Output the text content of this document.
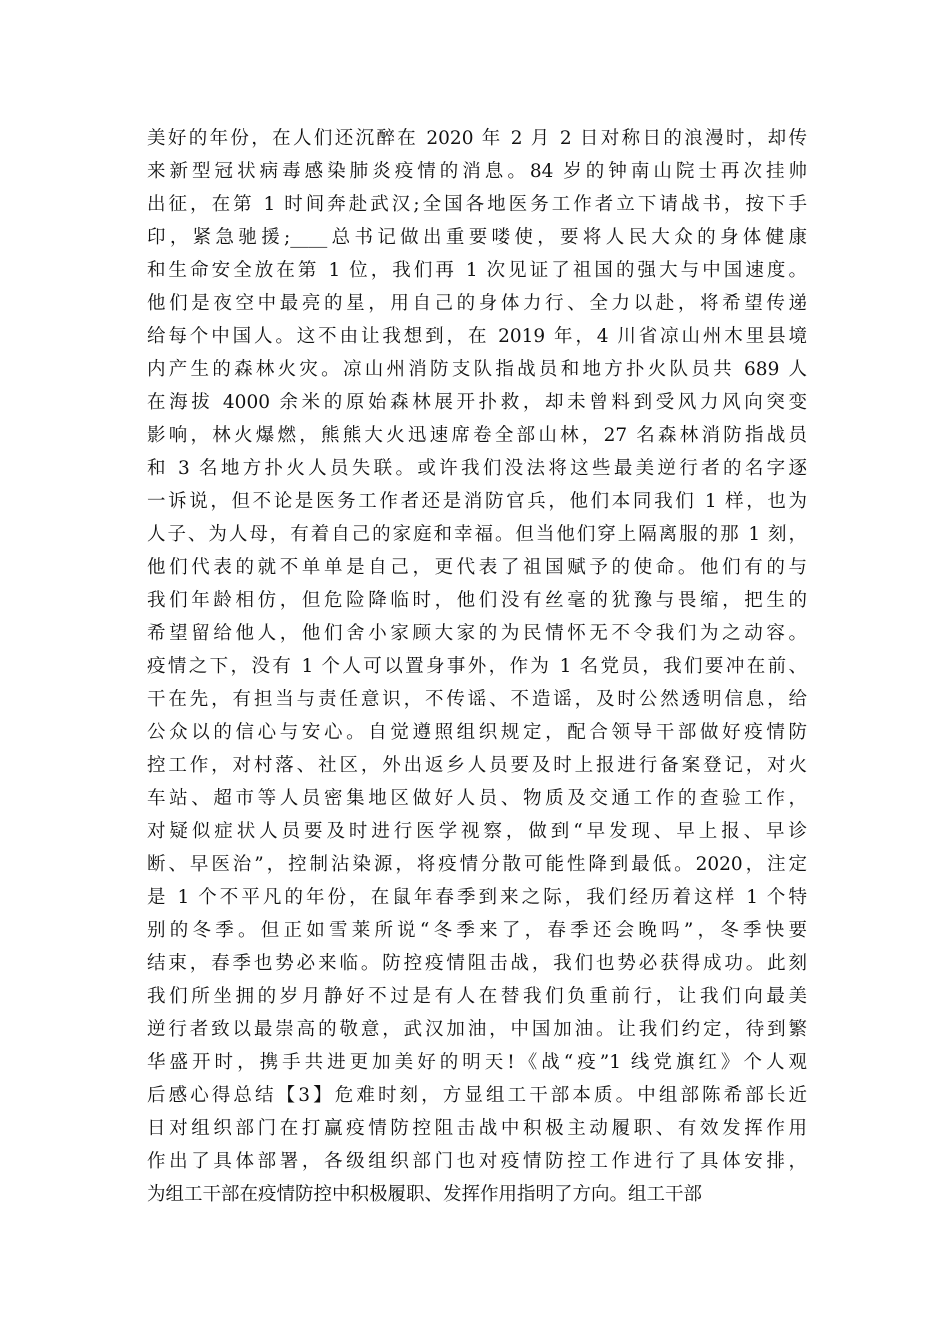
美好的年份，在人们还沉醉在 2020 年 2 月 2 日对称日的浪漫时，却传
来新型冠状病毒感染肺炎疫情的消息。84 岁的钟南山院士再次挂帅
出征，在第 1 时间奔赴武汉;全国各地医务工作者立下请战书，按下手
印，紧急驰援;____总书记做出重要喽使，要将人民大众的身体健康
和生命安全放在第 1 位，我们再 1 次见证了祖国的强大与中国速度。
他们是夜空中最亮的星，用自己的身体力行、全力以赴，将希望传递
给每个中国人。这不由让我想到，在 2019 年，4 川省凉山州木里县境
内产生的森林火灾。凉山州消防支队指战员和地方扑火队员共 689 人
在海拔 4000 余米的原始森林展开扑救，却未曾料到受风力风向突变
影响，林火爆燃，熊熊大火迅速席卷全部山林，27 名森林消防指战员
和 3 名地方扑火人员失联。或许我们没法将这些最美逆行者的名字逐
一诉说，但不论是医务工作者还是消防官兵，他们本同我们 1 样，也为
人子、为人母，有着自己的家庭和幸福。但当他们穿上隔离服的那 1 刻，
他们代表的就不单单是自己，更代表了祖国赋予的使命。他们有的与
我们年龄相仿，但危险降临时，他们没有丝毫的犹豫与畏缩，把生的
希望留给他人，他们舍小家顾大家的为民情怀无不令我们为之动容。
疫情之下，没有 1 个人可以置身事外，作为 1 名党员，我们要冲在前、
干在先，有担当与责任意识，不传谣、不造谣，及时公然透明信息，给
公众以的信心与安心。自觉遵照组织规定，配合领导干部做好疫情防
控工作，对村落、社区，外出返乡人员要及时上报进行备案登记，对火
车站、超市等人员密集地区做好人员、物质及交通工作的查验工作，
对疑似症状人员要及时进行医学视察，做到“早发现、早上报、早诊
断、早医治”，控制沾染源，将疫情分散可能性降到最低。2020，注定
是 1 个不平凡的年份，在鼠年春季到来之际，我们经历着这样 1 个特
别的冬季。但正如雪莱所说“冬季来了，春季还会晚吗”，冬季快要
结束，春季也势必来临。防控疫情阻击战，我们也势必获得成功。此刻
我们所坐拥的岁月静好不过是有人在替我们负重前行，让我们向最美
逆行者致以最崇高的敬意，武汉加油，中国加油。让我们约定，待到繁
华盛开时，携手共进更加美好的明天!《战“疫”1 线党旗红》个人观
后感心得总结【3】危难时刻，方显组工干部本质。中组部陈希部长近
日对组织部门在打赢疫情防控阻击战中积极主动履职、有效发挥作用
作出了具体部署，各级组织部门也对疫情防控工作进行了具体安排，
为组工干部在疫情防控中积极履职、发挥作用指明了方向。组工干部
